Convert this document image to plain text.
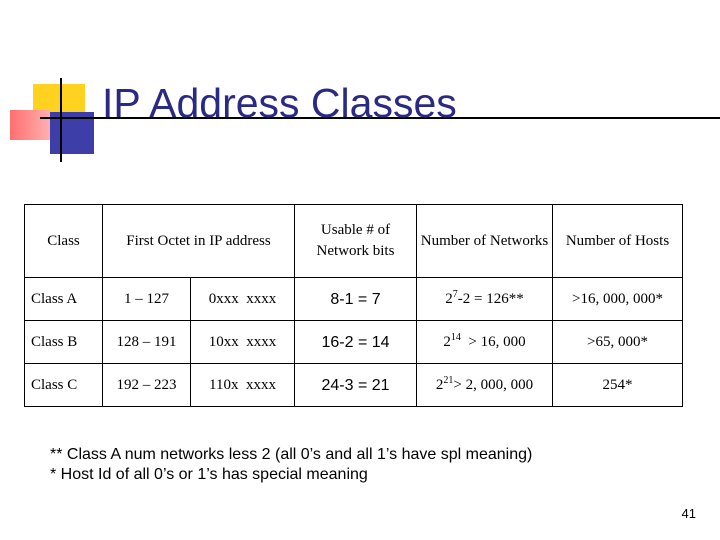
IP Address Classes
Class	First Octet in IP address		Usable # of Network bits	Number of Networks	Number of Hosts
Class A	1 – 127	0xxx  xxxx	8-1 = 7	$2^7-2 = 126**$	>16, 000, 000*
Class B	128 – 191	10xx  xxxx	16-2 = 14	$2^{14} > 16$, 000	>65, 000*
Class C	192 – 223	110x  xxxx	24-3 = 21	$2^{21}> 2$, 000, 000	254*

** Class A num networks less 2 (all 0’s and all 1’s have spl meaning)

* Host Id of all 0’s or 1’s has special meaning

41
